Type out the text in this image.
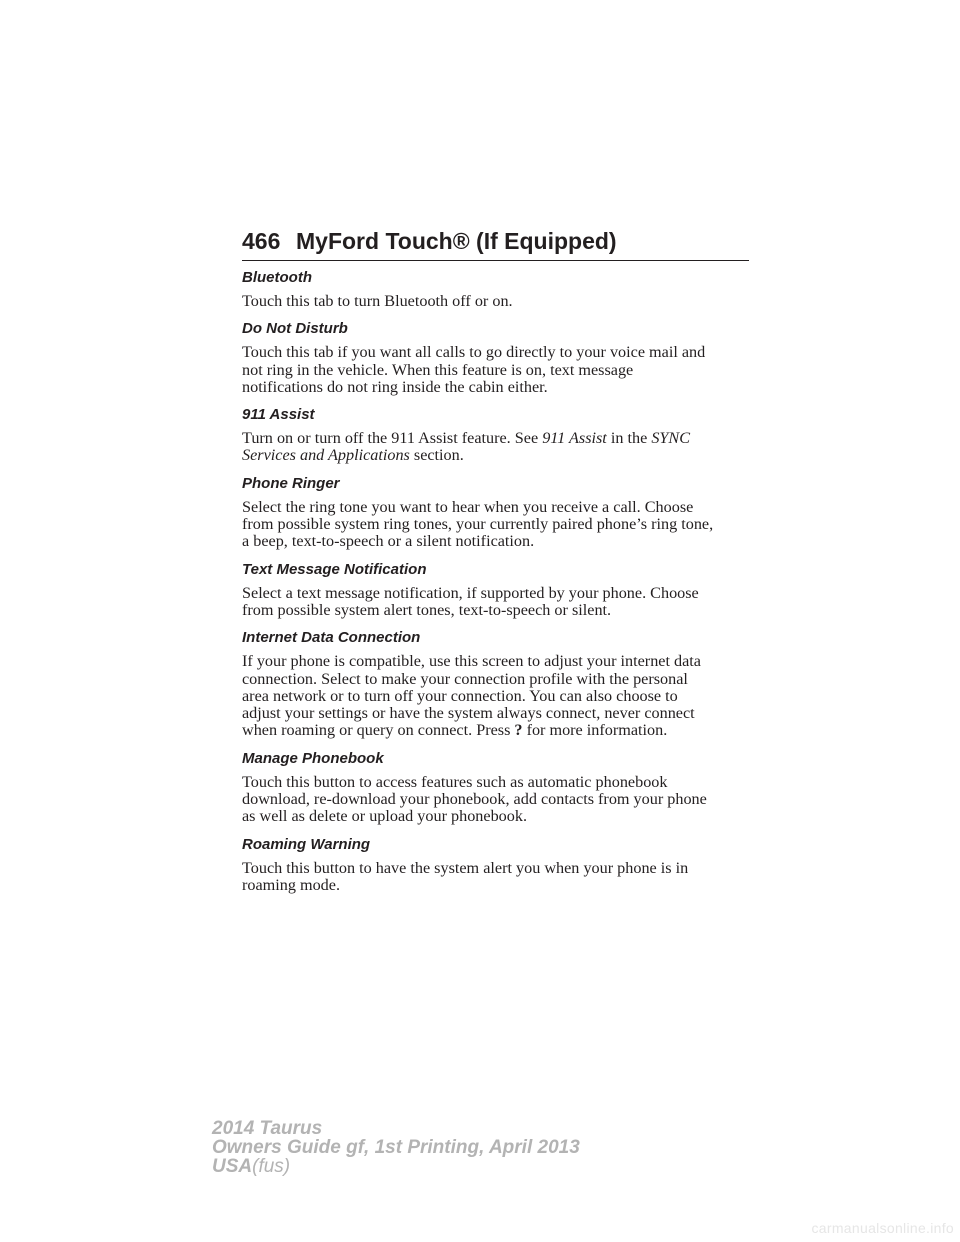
466 MyFord Touch® (If Equipped)
Bluetooth
Touch this tab to turn Bluetooth off or on.
Do Not Disturb
Touch this tab if you want all calls to go directly to your voice mail and
not ring in the vehicle. When this feature is on, text message
notifications do not ring inside the cabin either.
911 Assist
Turn on or turn off the 911 Assist feature. See 911 Assist in the SYNC
Services and Applications section.
Phone Ringer
Select the ring tone you want to hear when you receive a call. Choose
from possible system ring tones, your currently paired phone’s ring tone,
a beep, text-to-speech or a silent notification.
Text Message Notification
Select a text message notification, if supported by your phone. Choose
from possible system alert tones, text-to-speech or silent.
Internet Data Connection
If your phone is compatible, use this screen to adjust your internet data
connection. Select to make your connection profile with the personal
area network or to turn off your connection. You can also choose to
adjust your settings or have the system always connect, never connect
when roaming or query on connect. Press ? for more information.
Manage Phonebook
Touch this button to access features such as automatic phonebook
download, re-download your phonebook, add contacts from your phone
as well as delete or upload your phonebook.
Roaming Warning
Touch this button to have the system alert you when your phone is in
roaming mode.
2014 Taurus
Owners Guide gf, 1st Printing, April 2013
USA(fus)
carmanualsonline.info
